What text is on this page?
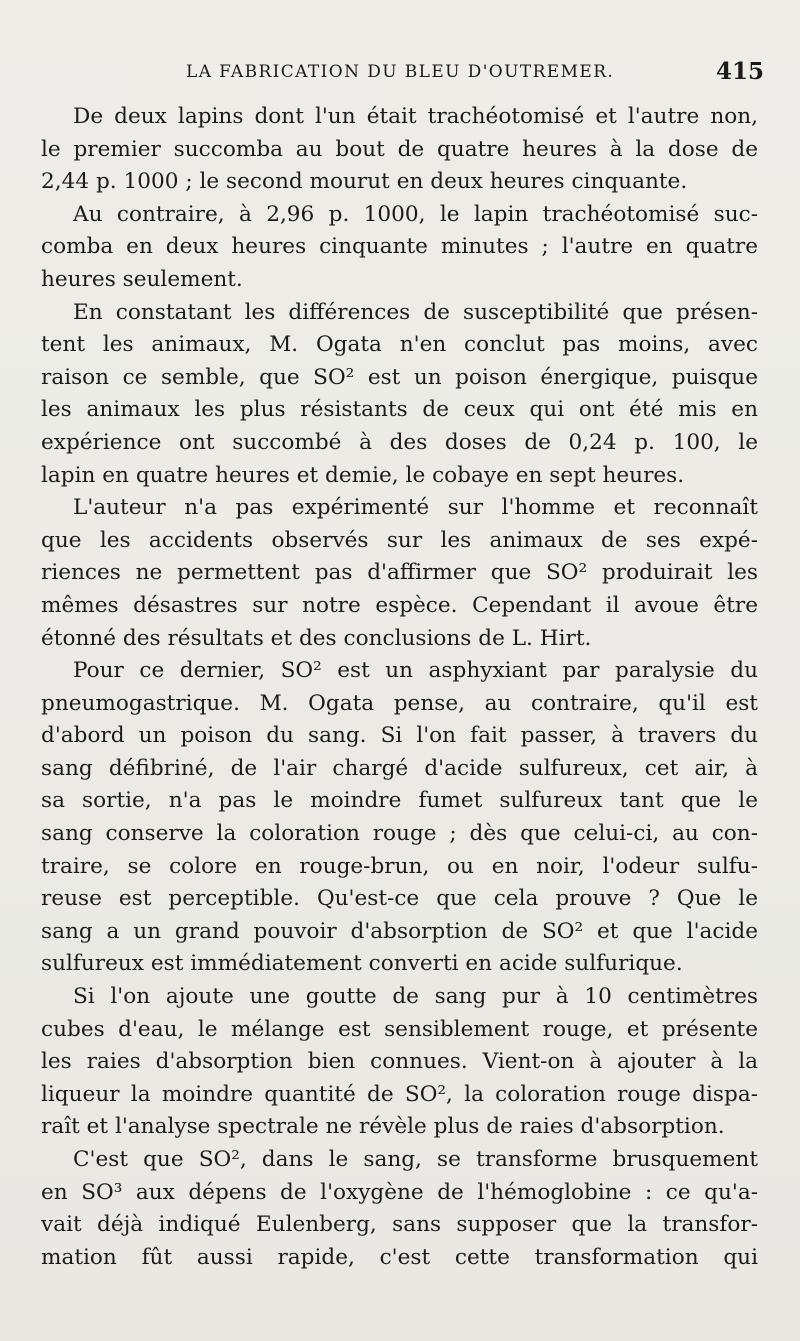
LA FABRICATION DU BLEU D'OUTREMER.	415
De deux lapins dont l'un était trachéotomisé et l'autre non,
le premier succomba au bout de quatre heures à la dose de
2,44 p. 1000 ; le second mourut en deux heures cinquante.
Au contraire, à 2,96 p. 1000, le lapin trachéotomisé suc-
comba en deux heures cinquante minutes ; l'autre en quatre
heures seulement.
En constatant les différences de susceptibilité que présen-
tent les animaux, M. Ogata n'en conclut pas moins, avec
raison ce semble, que SO² est un poison énergique, puisque
les animaux les plus résistants de ceux qui ont été mis en
expérience ont succombé à des doses de 0,24 p. 100, le
lapin en quatre heures et demie, le cobaye en sept heures.
L'auteur n'a pas expérimenté sur l'homme et reconnaît
que les accidents observés sur les animaux de ses expé-
riences ne permettent pas d'affirmer que SO² produirait les
mêmes désastres sur notre espèce. Cependant il avoue être
étonné des résultats et des conclusions de L. Hirt.
Pour ce dernier, SO² est un asphyxiant par paralysie du
pneumogastrique. M. Ogata pense, au contraire, qu'il est
d'abord un poison du sang. Si l'on fait passer, à travers du
sang défibriné, de l'air chargé d'acide sulfureux, cet air, à
sa sortie, n'a pas le moindre fumet sulfureux tant que le
sang conserve la coloration rouge ; dès que celui-ci, au con-
traire, se colore en rouge-brun, ou en noir, l'odeur sulfu-
reuse est perceptible. Qu'est-ce que cela prouve ? Que le
sang a un grand pouvoir d'absorption de SO² et que l'acide
sulfureux est immédiatement converti en acide sulfurique.
Si l'on ajoute une goutte de sang pur à 10 centimètres
cubes d'eau, le mélange est sensiblement rouge, et présente
les raies d'absorption bien connues. Vient-on à ajouter à la
liqueur la moindre quantité de SO², la coloration rouge dispa-
raît et l'analyse spectrale ne révèle plus de raies d'absorption.
C'est que SO², dans le sang, se transforme brusquement
en SO³ aux dépens de l'oxygène de l'hémoglobine : ce qu'a-
vait déjà indiqué Eulenberg, sans supposer que la transfor-
mation fût aussi rapide, c'est cette transformation qui
